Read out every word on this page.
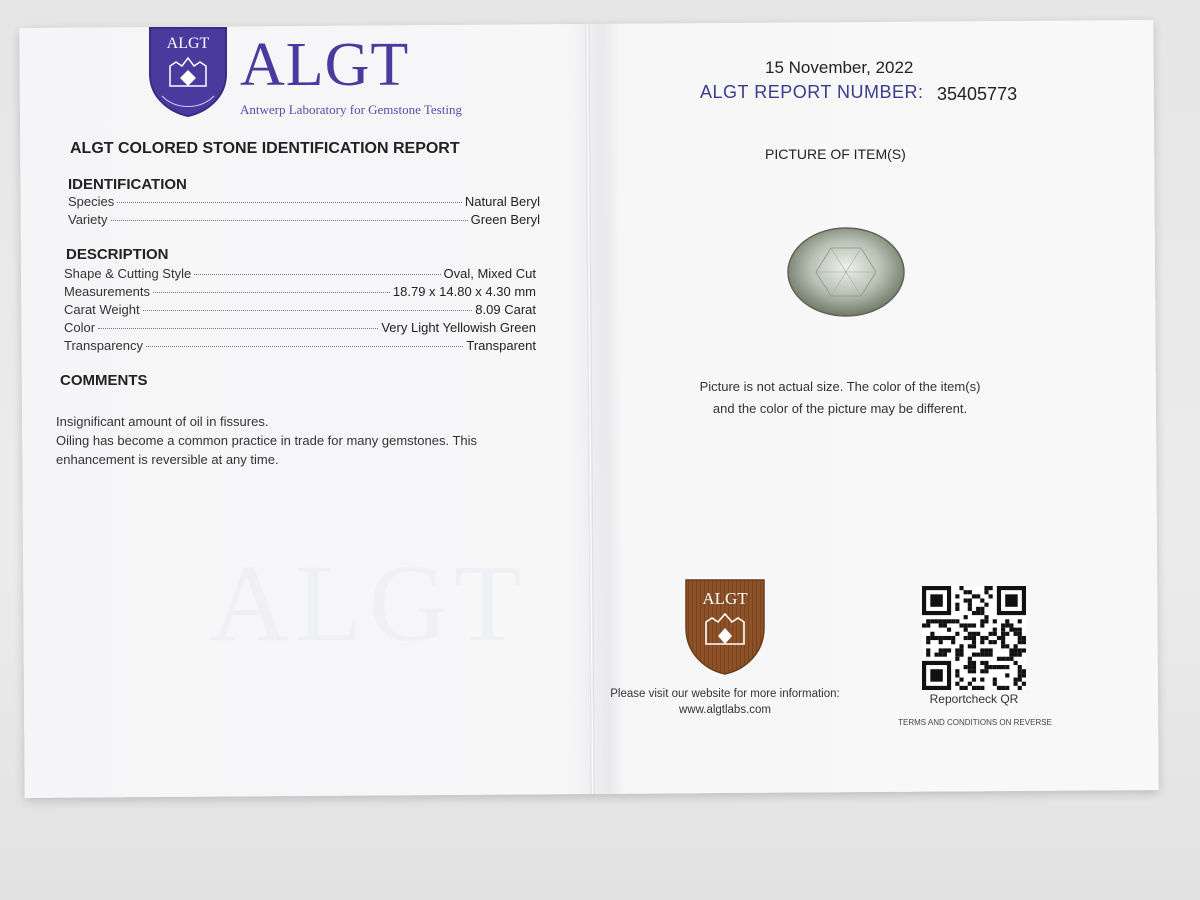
ALGT
ALGT ALGT
Antwerp Laboratory for Gemstone Testing
ALGT COLORED STONE IDENTIFICATION REPORT
IDENTIFICATION
Species	Natural Beryl
Variety	Green Beryl
DESCRIPTION
Shape & Cutting Style	Oval, Mixed Cut
Measurements	18.79 x 14.80 x 4.30 mm
Carat Weight	8.09 Carat
Color	Very Light Yellowish Green
Transparency	Transparent
COMMENTS
Insignificant amount of oil in fissures.
Oiling has become a common practice in trade for many gemstones. This enhancement is reversible at any time.
15 November, 2022
ALGT REPORT NUMBER: 35405773
PICTURE OF ITEM(S)
Picture is not actual size. The color of the item(s)
and the color of the picture may be different.
ALGT
Please visit our website for more information:
www.algtlabs.com
Reportcheck QR
TERMS AND CONDITIONS ON REVERSE
